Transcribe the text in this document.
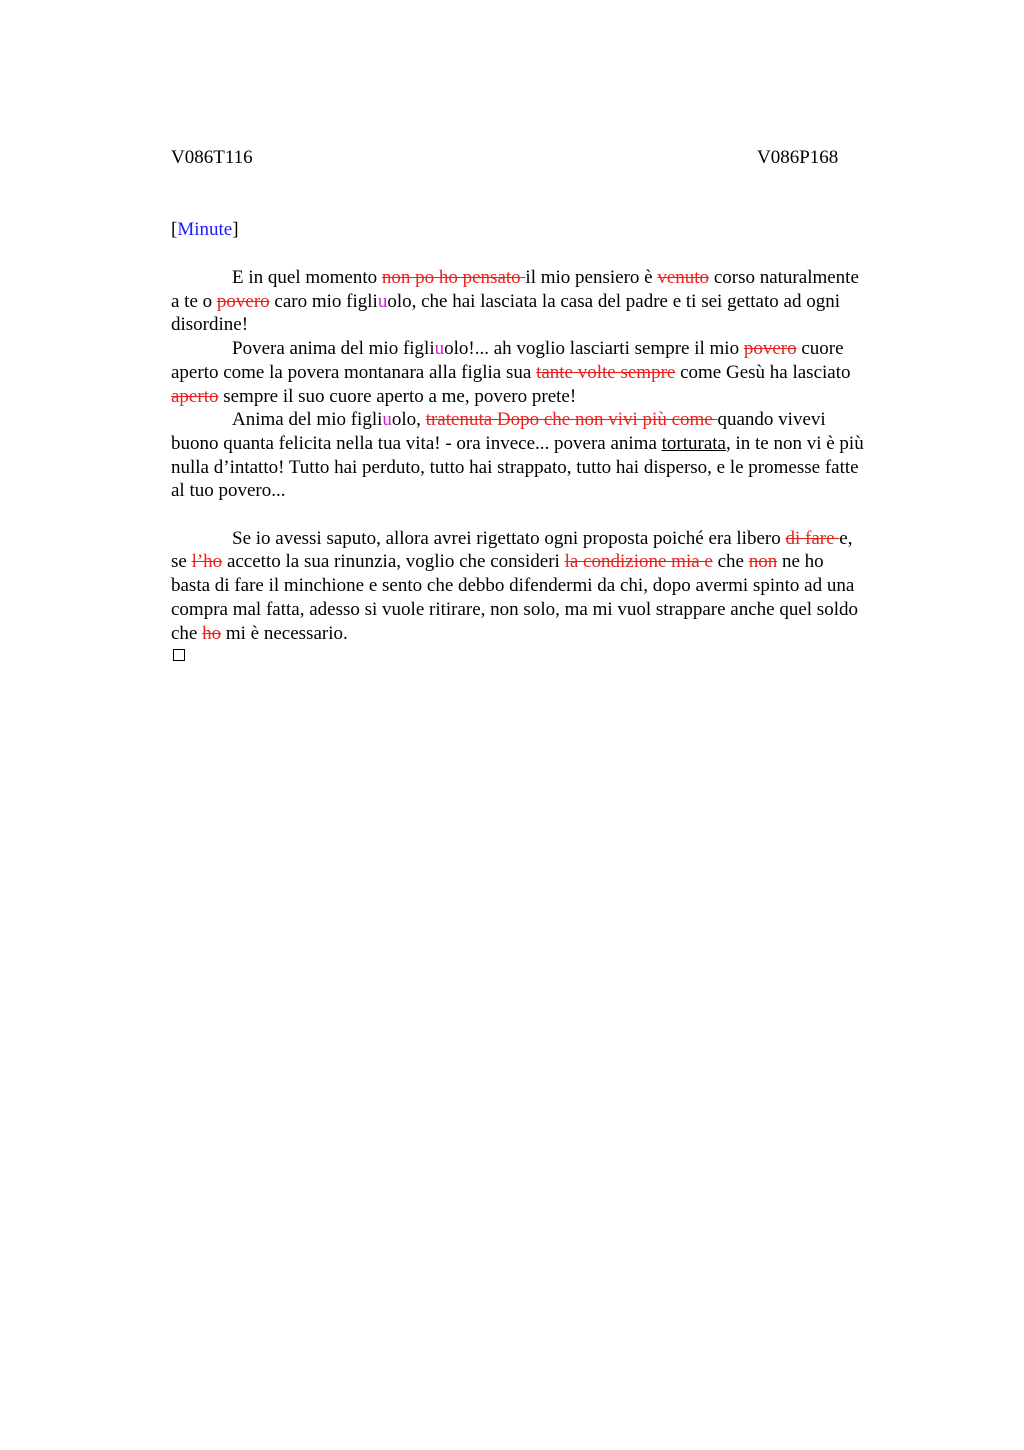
V086T116	V086P168
[Minute]
E in quel momento non po ho pensato il mio pensiero è venuto corso naturalmente
a te o povero caro mio figliuolo, che hai lasciata la casa del padre e ti sei gettato ad ogni
disordine!
Povera anima del mio figliuolo!... ah voglio lasciarti sempre il mio povero cuore
aperto come la povera montanara alla figlia sua tante volte sempre come Gesù ha lasciato
aperto sempre il suo cuore aperto a me, povero prete!
Anima del mio figliuolo, tratenuta Dopo che non vivi più come quando vivevi
buono quanta felicita nella tua vita! - ora invece... povera anima torturata, in te non vi è più
nulla d’intatto! Tutto hai perduto, tutto hai strappato, tutto hai disperso, e le promesse fatte
al tuo povero...
Se io avessi saputo, allora avrei rigettato ogni proposta poiché era libero di fare e,
se l’ho accetto la sua rinunzia, voglio che consideri la condizione mia e che non ne ho
basta di fare il minchione e sento che debbo difendermi da chi, dopo avermi spinto ad una
compra mal fatta, adesso si vuole ritirare, non solo, ma mi vuol strappare anche quel soldo
che ho mi è necessario.
